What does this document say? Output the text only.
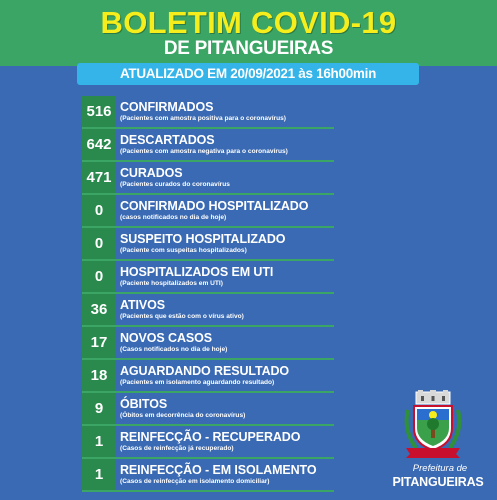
BOLETIM COVID-19
DE PITANGUEIRAS
ATUALIZADO EM 20/09/2021 às 16h00min
516 CONFIRMADOS
(Pacientes com amostra positiva para o coronavírus)
642 DESCARTADOS
(Pacientes com amostra negativa para o coronavírus)
471 CURADOS
(Pacientes curados do coronavírus
0	CONFIRMADO HOSPITALIZADO
(casos notificados no dia de hoje)
0	SUSPEITO HOSPITALIZADO
(Paciente com suspeitas hospitalizados)
0	HOSPITALIZADOS EM UTI
(Paciente hospitalizados em UTI)
36	ATIVOS
(Pacientes que estão com o vírus ativo)
17	NOVOS CASOS
(Casos notificados no dia de hoje)
18	AGUARDANDO RESULTADO
(Pacientes em isolamento aguardando resultado)
9	ÓBITOS
(Óbitos em decorrência do coronavírus)
1	REINFECÇÃO - RECUPERADO
(Casos de reinfecção já recuperado)
1	REINFECÇÃO - EM ISOLAMENTO
(Casos de reinfecção em isolamento domiciliar)
Prefeitura de
PITANGUEIRAS
